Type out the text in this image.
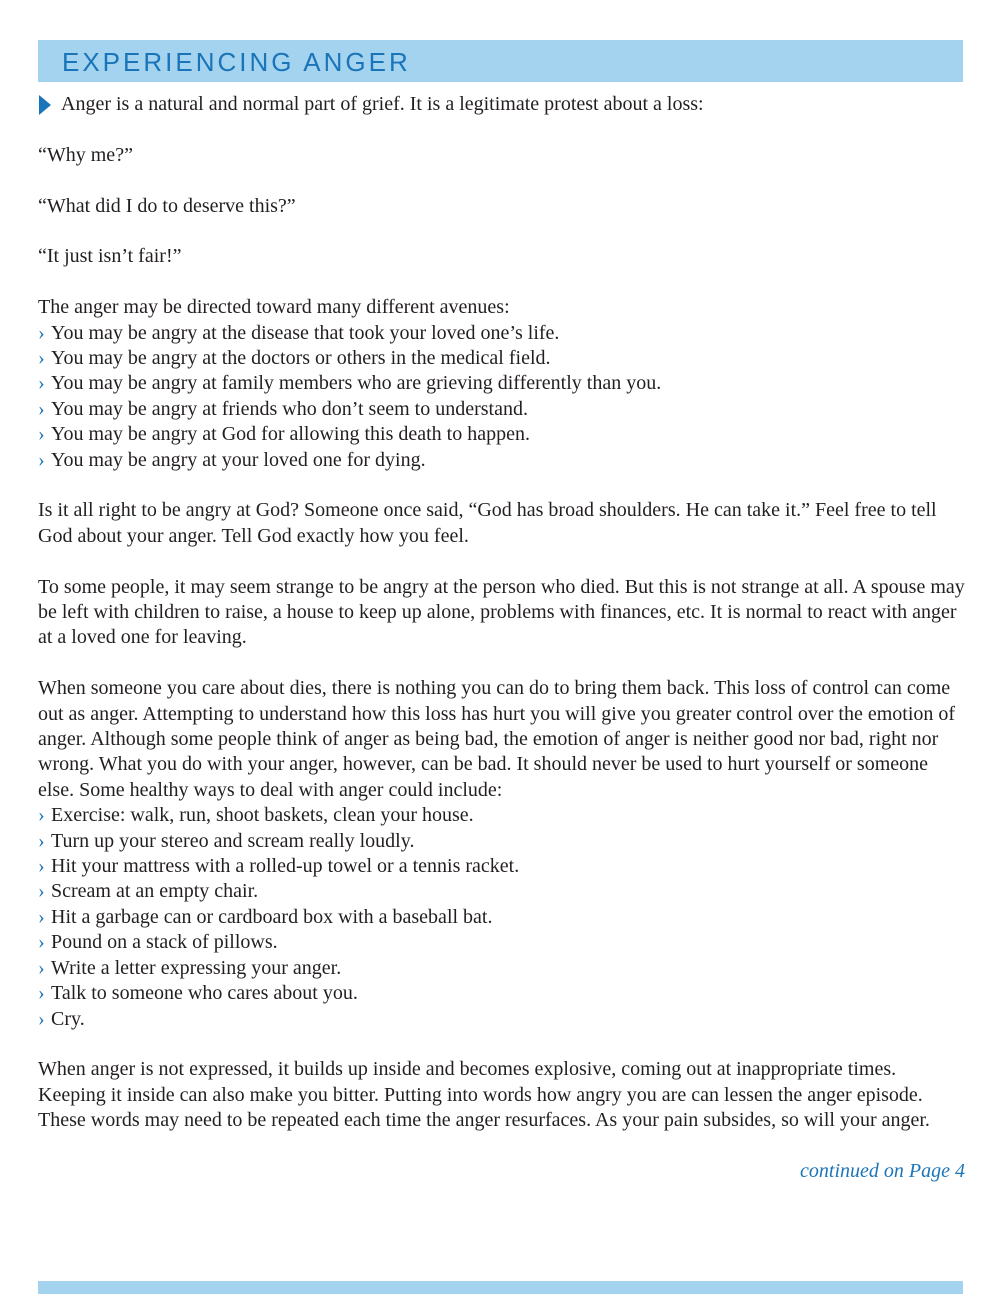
EXPERIENCING ANGER
Anger is a natural and normal part of grief. It is a legitimate protest about a loss:

“Why me?”

“What did I do to deserve this?”

“It just isn’t fair!”

The anger may be directed toward many different avenues:

› You may be angry at the disease that took your loved one’s life.
› You may be angry at the doctors or others in the medical field.
› You may be angry at family members who are grieving differently than you.
› You may be angry at friends who don’t seem to understand.
› You may be angry at God for allowing this death to happen.
› You may be angry at your loved one for dying.

Is it all right to be angry at God? Someone once said, “God has broad shoulders. He can take it.” Feel free to tell God about your anger. Tell God exactly how you feel.

To some people, it may seem strange to be angry at the person who died. But this is not strange at all. A spouse may be left with children to raise, a house to keep up alone, problems with finances, etc. It is normal to react with anger at a loved one for leaving.

When someone you care about dies, there is nothing you can do to bring them back. This loss of control can come out as anger. Attempting to understand how this loss has hurt you will give you greater control over the emotion of anger. Although some people think of anger as being bad, the emotion of anger is neither good nor bad, right nor wrong. What you do with your anger, however, can be bad. It should never be used to hurt yourself or someone else. Some healthy ways to deal with anger could include:

› Exercise: walk, run, shoot baskets, clean your house.
› Turn up your stereo and scream really loudly.
› Hit your mattress with a rolled-up towel or a tennis racket.
› Scream at an empty chair.
› Hit a garbage can or cardboard box with a baseball bat.
› Pound on a stack of pillows.
› Write a letter expressing your anger.
› Talk to someone who cares about you.
› Cry.

When anger is not expressed, it builds up inside and becomes explosive, coming out at inappropriate times. Keeping it inside can also make you bitter. Putting into words how angry you are can lessen the anger episode. These words may need to be repeated each time the anger resurfaces. As your pain subsides, so will your anger.

continued on Page 4
